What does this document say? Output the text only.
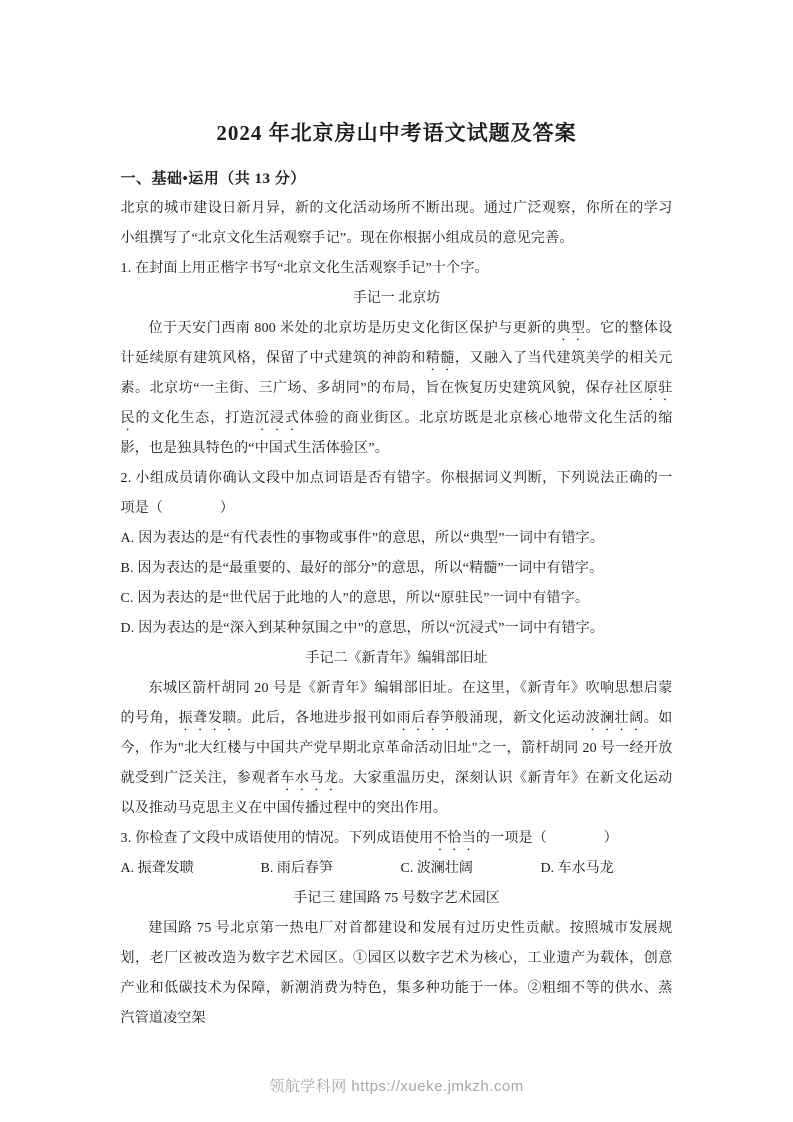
2024 年北京房山中考语文试题及答案
一、基础•运用（共 13 分）

北京的城市建设日新月异，新的文化活动场所不断出现。通过广泛观察，你所在的学习小组撰写了“北京文化生活观察手记”。现在你根据小组成员的意见完善。

1. 在封面上用正楷字书写“北京文化生活观察手记”十个字。

手记一 北京坊

位于天安门西南 800 米处的北京坊是历史文化街区保护与更新的典型。它的整体设计延续原有建筑风格，保留了中式建筑的神韵和精髓，又融入了当代建筑美学的相关元素。北京坊“一主街、三广场、多胡同”的布局，旨在恢复历史建筑风貌，保存社区原驻民的文化生态，打造沉浸式体验的商业街区。北京坊既是北京核心地带文化生活的缩影，也是独具特色的“中国式生活体验区”。

2. 小组成员请你确认文段中加点词语是否有错字。你根据词义判断，下列说法正确的一项是（　　　　）

A. 因为表达的是“有代表性的事物或事件”的意思，所以“典型”一词中有错字。

B. 因为表达的是“最重要的、最好的部分”的意思，所以“精髓”一词中有错字。

C. 因为表达的是“世代居于此地的人”的意思，所以“原驻民”一词中有错字。

D. 因为表达的是“深入到某种氛围之中”的意思，所以“沉浸式”一词中有错字。

手记二《新青年》编辑部旧址

东城区箭杆胡同 20 号是《新青年》编辑部旧址。在这里，《新青年》吹响思想启蒙的号角，振聋发聩。此后，各地进步报刊如雨后春笋般涌现，新文化运动波澜壮阔。如今，作为"北大红楼与中国共产党早期北京革命活动旧址"之一，箭杆胡同 20 号一经开放就受到广泛关注，参观者车水马龙。大家重温历史，深刻认识《新青年》在新文化运动以及推动马克思主义在中国传播过程中的突出作用。

3. 你检查了文段中成语使用的情况。下列成语使用不恰当的一项是（　　　　）

A. 振聋发聩	B. 雨后春笋	C. 波澜壮阔	D. 车水马龙

手记三 建国路 75 号数字艺术园区

建国路 75 号北京第一热电厂对首都建设和发展有过历史性贡献。按照城市发展规划，老厂区被改造为数字艺术园区。①园区以数字艺术为核心，工业遗产为载体，创意产业和低碳技术为保障，新潮消费为特色，集多种功能于一体。②粗细不等的供水、蒸汽管道凌空架

领航学科网 https://xueke.jmkzh.com
